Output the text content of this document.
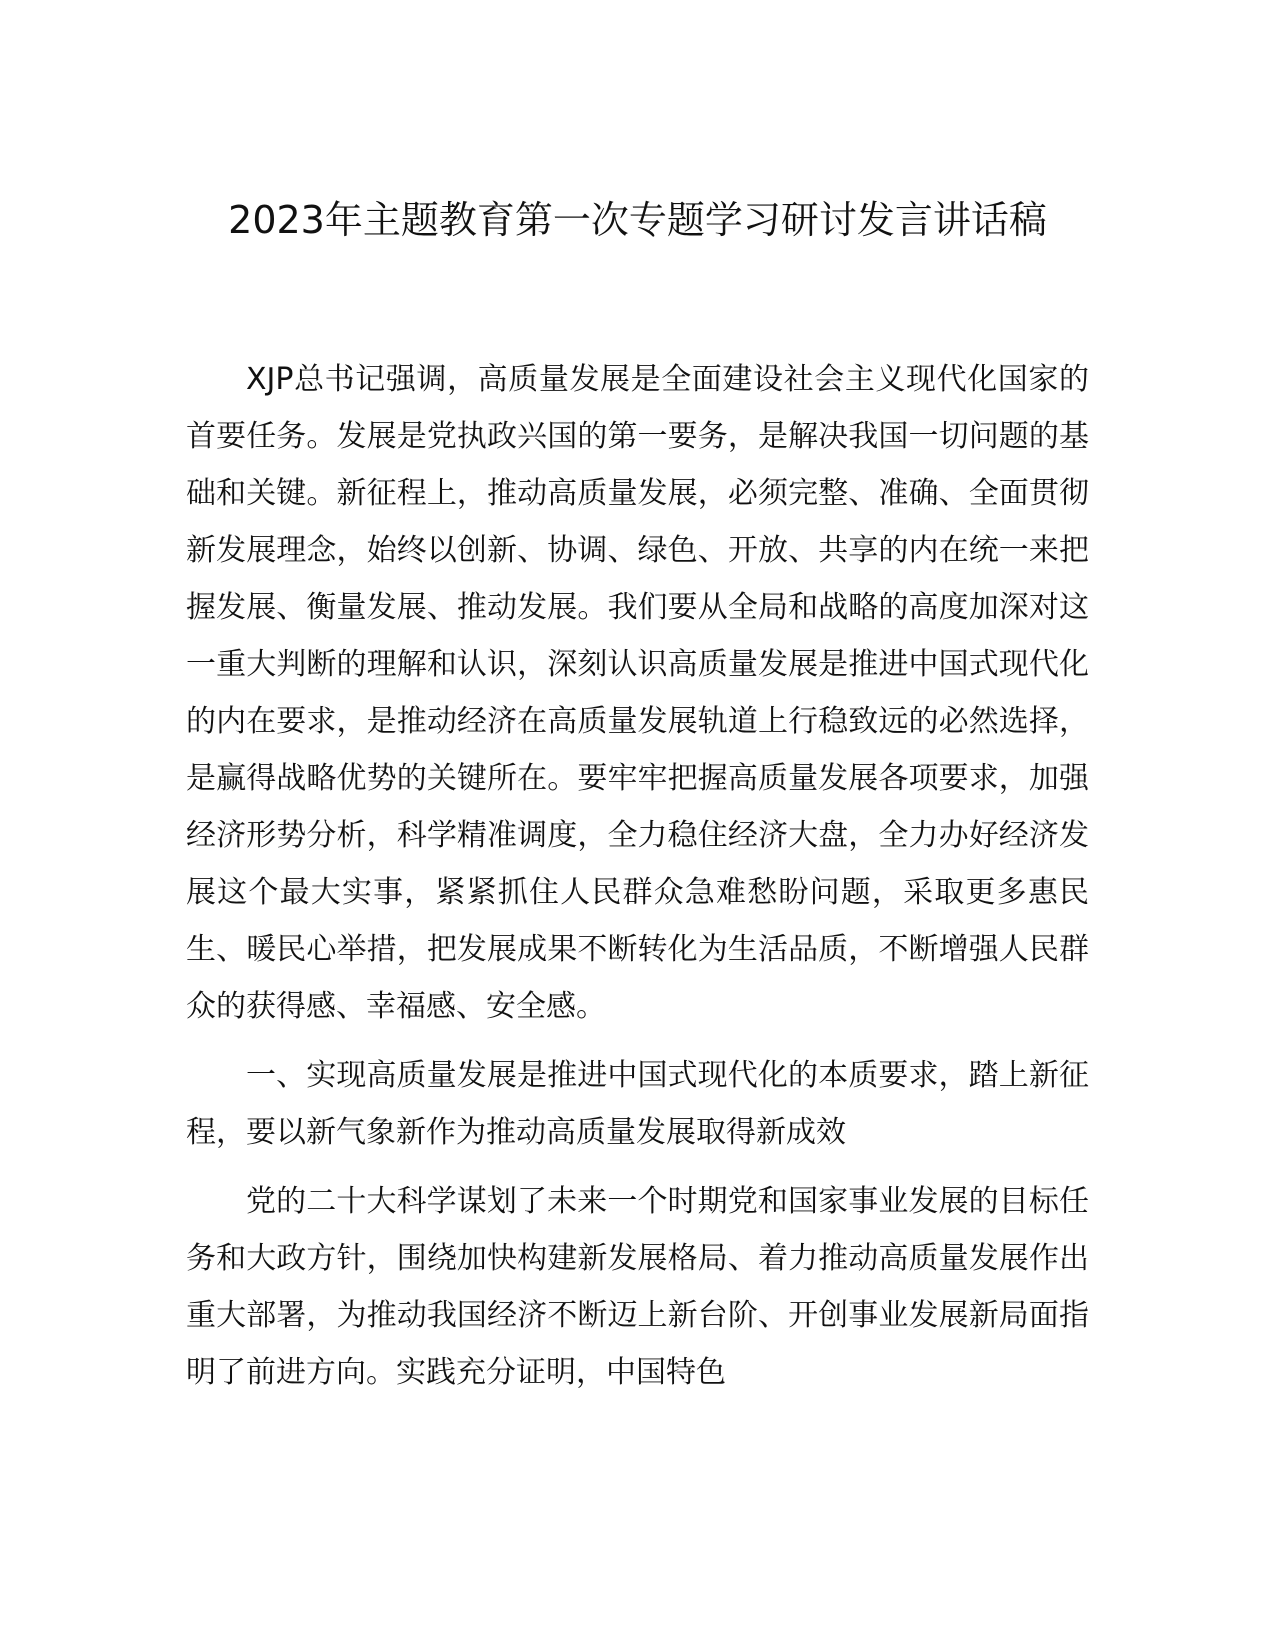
2023年主题教育第一次专题学习研讨发言讲话稿

XJP总书记强调，高质量发展是全面建设社会主义现代化国家的首要任务。发展是党执政兴国的第一要务，是解决我国一切问题的基础和关键。新征程上，推动高质量发展，必须完整、准确、全面贯彻新发展理念，始终以创新、协调、绿色、开放、共享的内在统一来把握发展、衡量发展、推动发展。我们要从全局和战略的高度加深对这一重大判断的理解和认识，深刻认识高质量发展是推进中国式现代化的内在要求，是推动经济在高质量发展轨道上行稳致远的必然选择，是赢得战略优势的关键所在。要牢牢把握高质量发展各项要求，加强经济形势分析，科学精准调度，全力稳住经济大盘，全力办好经济发展这个最大实事，紧紧抓住人民群众急难愁盼问题，采取更多惠民生、暖民心举措，把发展成果不断转化为生活品质，不断增强人民群众的获得感、幸福感、安全感。

一、实现高质量发展是推进中国式现代化的本质要求，踏上新征程，要以新气象新作为推动高质量发展取得新成效

党的二十大科学谋划了未来一个时期党和国家事业发展的目标任务和大政方针，围绕加快构建新发展格局、着力推动高质量发展作出重大部署，为推动我国经济不断迈上新台阶、开创事业发展新局面指明了前进方向。实践充分证明，中国特色
